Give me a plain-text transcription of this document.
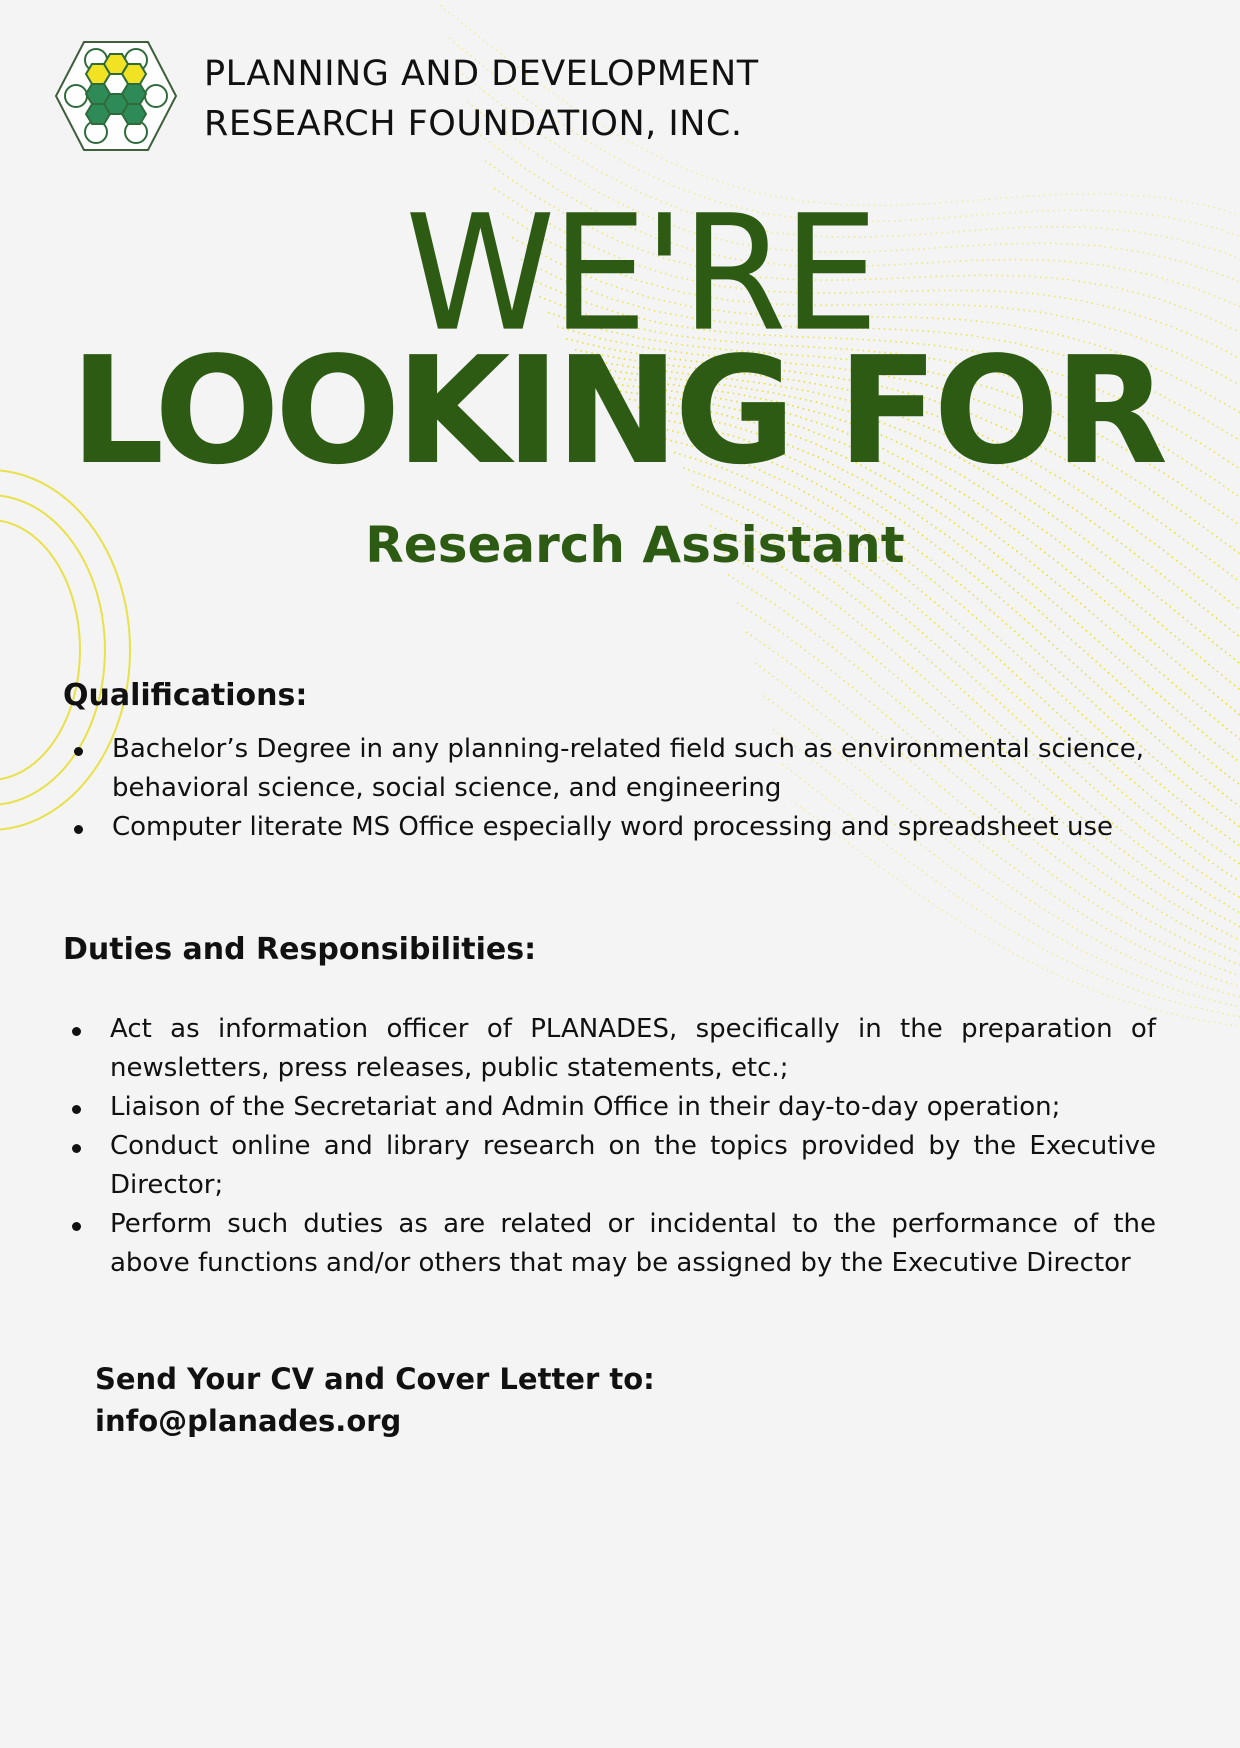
PLANNING AND DEVELOPMENT
RESEARCH FOUNDATION, INC.
WE'RE
LOOKING FOR
Research Assistant
Qualifications:
Bachelor’s Degree in any planning-related field such as environmental science, behavioral science, social science, and engineering
Computer literate MS Office especially word processing and spreadsheet use
Duties and Responsibilities:
Act as information officer of PLANADES, specifically in the preparation of newsletters, press releases, public statements, etc.;
Liaison of the Secretariat and Admin Office in their day-to-day operation;
Conduct online and library research on the topics provided by the Executive Director;
Perform such duties as are related or incidental to the performance of the above functions and/or others that may be assigned by the Executive Director
Send Your CV and Cover Letter to:
info@planades.org
